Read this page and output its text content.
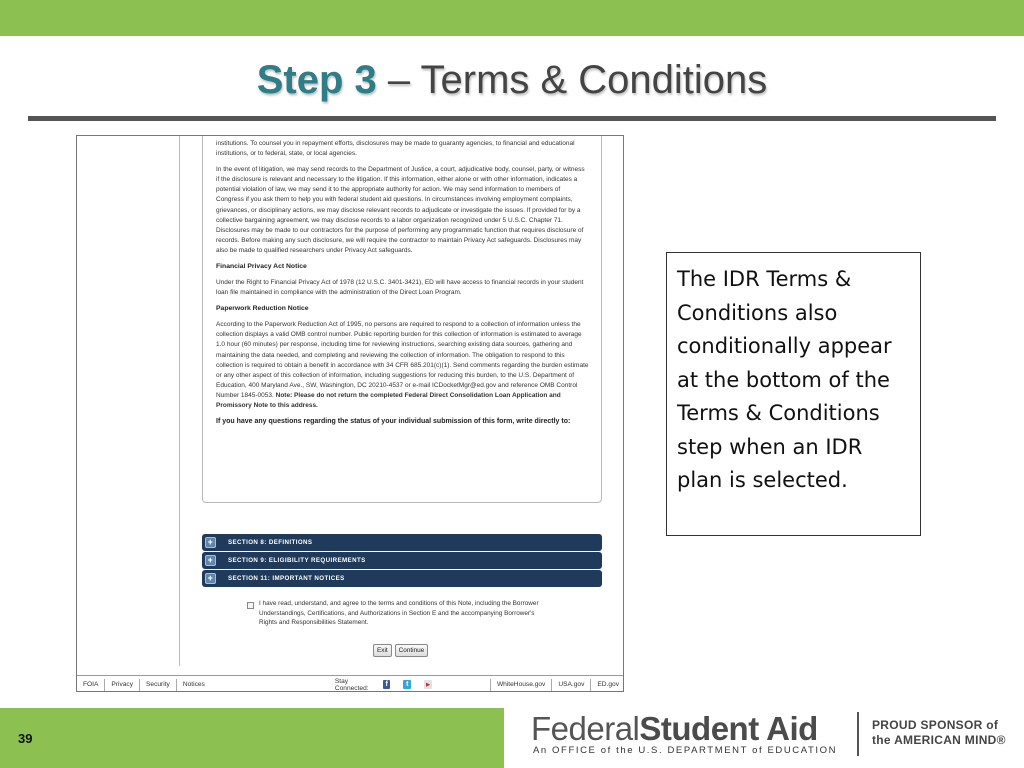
Step 3 – Terms & Conditions

institutions. To counsel you in repayment efforts, disclosures may be made to guaranty agencies, to financial and educational institutions, or to federal, state, or local agencies.

In the event of litigation, we may send records to the Department of Justice, a court, adjudicative body, counsel, party, or witness if the disclosure is relevant and necessary to the litigation. If this information, either alone or with other information, indicates a potential violation of law, we may send it to the appropriate authority for action. We may send information to members of Congress if you ask them to help you with federal student aid questions. In circumstances involving employment complaints, grievances, or disciplinary actions, we may disclose relevant records to adjudicate or investigate the issues. If provided for by a collective bargaining agreement, we may disclose records to a labor organization recognized under 5 U.S.C. Chapter 71. Disclosures may be made to our contractors for the purpose of performing any programmatic function that requires disclosure of records. Before making any such disclosure, we will require the contractor to maintain Privacy Act safeguards. Disclosures may also be made to qualified researchers under Privacy Act safeguards.

Financial Privacy Act Notice

Under the Right to Financial Privacy Act of 1978 (12 U.S.C. 3401-3421), ED will have access to financial records in your student loan file maintained in compliance with the administration of the Direct Loan Program.

Paperwork Reduction Notice

According to the Paperwork Reduction Act of 1995, no persons are required to respond to a collection of information unless the collection displays a valid OMB control number. Public reporting burden for this collection of information is estimated to average 1.0 hour (60 minutes) per response, including time for reviewing instructions, searching existing data sources, gathering and maintaining the data needed, and completing and reviewing the collection of information. The obligation to respond to this collection is required to obtain a benefit in accordance with 34 CFR 685.201(c)(1). Send comments regarding the burden estimate or any other aspect of this collection of information, including suggestions for reducing this burden, to the U.S. Department of Education, 400 Maryland Ave., SW, Washington, DC 20210-4537 or e-mail ICDocketMgr@ed.gov and reference OMB Control Number 1845-0053. Note: Please do not return the completed Federal Direct Consolidation Loan Application and Promissory Note to this address.

If you have any questions regarding the status of your individual submission of this form, write directly to:

+	SECTION 8: DEFINITIONS
+	SECTION 9: ELIGIBILITY REQUIREMENTS
+	SECTION 11: IMPORTANT NOTICES
I have read, understand, and agree to the terms and conditions of this Note, including the Borrower Understandings, Certifications, and Authorizations in Section E and the accompanying Borrower's Rights and Responsibilities Statement.
Exit	Continue
FOIA	Privacy	Security	Notices	Stay Connected:	f	t	▶	WhiteHouse.gov	USA.gov	ED.gov
The IDR Terms & Conditions also conditionally appear at the bottom of the Terms & Conditions step when an IDR plan is selected.
39	FederalStudent Aid
An OFFICE of the U.S. DEPARTMENT of EDUCATION
PROUD SPONSOR of
the AMERICAN MIND®
